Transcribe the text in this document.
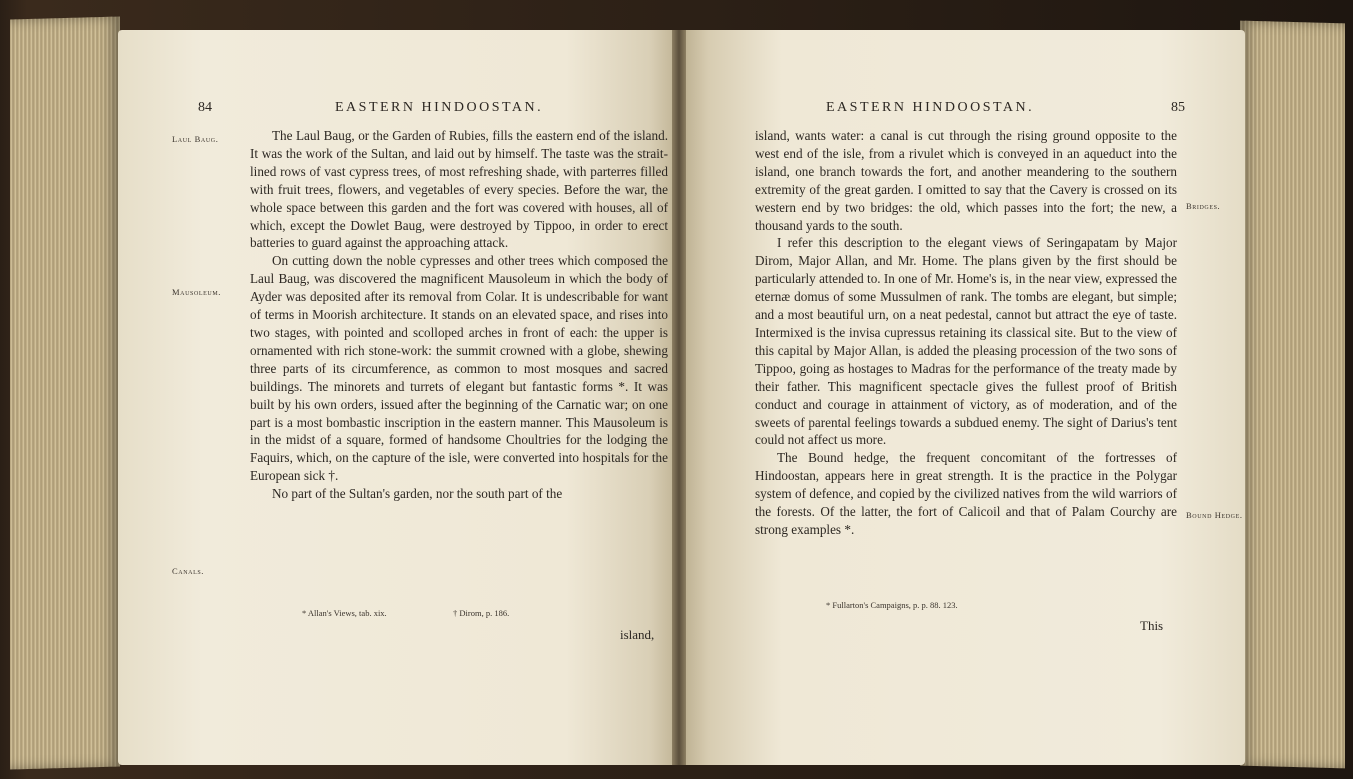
84	EASTERN HINDOOSTAN.
Laul Baug.
Mausoleum.
Canals.

The Laul Baug, or the Garden of Rubies, fills the eastern end of the island. It was the work of the Sultan, and laid out by himself. The taste was the strait-lined rows of vast cypress trees, of most refreshing shade, with parterres filled with fruit trees, flowers, and vegetables of every species. Before the war, the whole space between this garden and the fort was covered with houses, all of which, except the Dowlet Baug, were destroyed by Tippoo, in order to erect batteries to guard against the approaching attack.

On cutting down the noble cypresses and other trees which composed the Laul Baug, was discovered the magnificent Mausoleum in which the body of Ayder was deposited after its removal from Colar. It is undescribable for want of terms in Moorish architecture. It stands on an elevated space, and rises into two stages, with pointed and scolloped arches in front of each: the upper is ornamented with rich stone-work: the summit crowned with a globe, shewing three parts of its circumference, as common to most mosques and sacred buildings. The minorets and turrets of elegant but fantastic forms *. It was built by his own orders, issued after the beginning of the Carnatic war; on one part is a most bombastic inscription in the eastern manner. This Mausoleum is in the midst of a square, formed of handsome Choultries for the lodging the Faquirs, which, on the capture of the isle, were converted into hospitals for the European sick †.

No part of the Sultan's garden, nor the south part of the

* Allan's Views, tab. xix.	† Dirom, p. 186.
island,
EASTERN HINDOOSTAN.	85

island, wants water: a canal is cut through the rising ground opposite to the west end of the isle, from a rivulet which is conveyed in an aqueduct into the island, one branch towards the fort, and another meandering to the southern extremity of the great garden. I omitted to say that the Cavery is crossed on its western end by two bridges: the old, which passes into the fort; the new, a thousand yards to the south.

I refer this description to the elegant views of Seringapatam by Major Dirom, Major Allan, and Mr. Home. The plans given by the first should be particularly attended to. In one of Mr. Home's is, in the near view, expressed the eternæ domus of some Mussulmen of rank. The tombs are elegant, but simple; and a most beautiful urn, on a neat pedestal, cannot but attract the eye of taste. Intermixed is the invisa cupressus retaining its classical site. But to the view of this capital by Major Allan, is added the pleasing procession of the two sons of Tippoo, going as hostages to Madras for the performance of the treaty made by their father. This magnificent spectacle gives the fullest proof of British conduct and courage in attainment of victory, as of moderation, and of the sweets of parental feelings towards a subdued enemy. The sight of Darius's tent could not affect us more.

The Bound hedge, the frequent concomitant of the fortresses of Hindoostan, appears here in great strength. It is the practice in the Polygar system of defence, and copied by the civilized natives from the wild warriors of the forests. Of the latter, the fort of Calicoil and that of Palam Courchy are strong examples *.

Bridges.
Bound Hedge.
* Fullarton's Campaigns, p. p. 88. 123.
This
